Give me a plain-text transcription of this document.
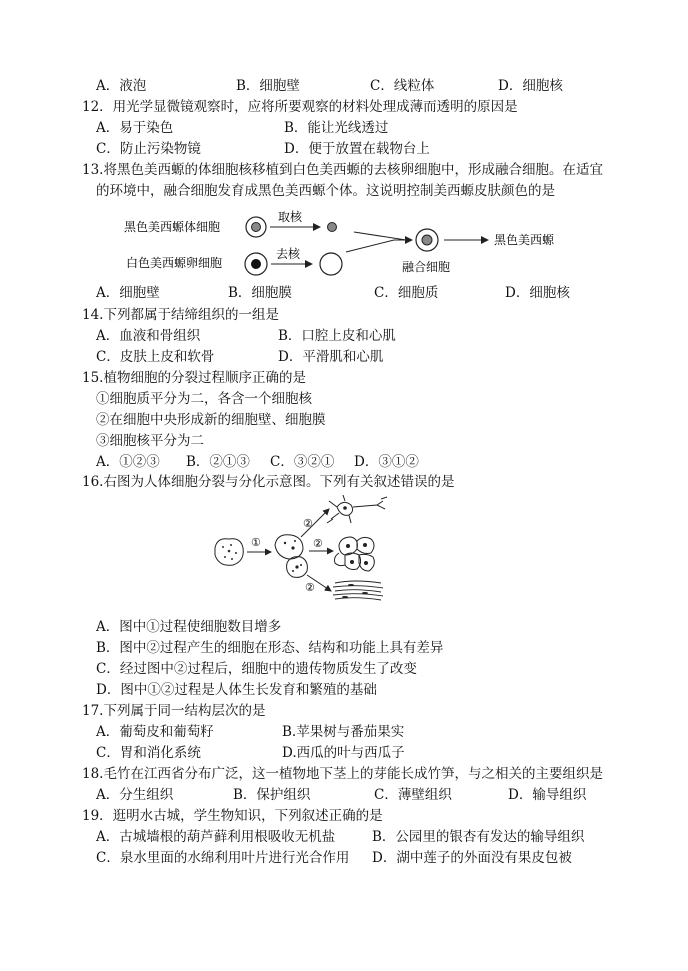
A．液泡	B．细胞壁	C．线粒体	D．细胞核
12．用光学显微镜观察时，应将所要观察的材料处理成薄而透明的原因是
A．易于染色	B．能让光线透过
C．防止污染物镜	D．便于放置在载物台上
13.将黑色美西螈的体细胞核移植到白色美西螈的去核卵细胞中，形成融合细胞。在适宜
的环境中，融合细胞发育成黑色美西螈个体。这说明控制美西螈皮肤颜色的是
黑色美西螈体细胞
取核
白色美西螈卵细胞
去核
融合细胞
黑色美西螈
A．细胞壁	B．细胞膜	C．细胞质	D．细胞核
14.下列都属于结缔组织的一组是
A．血液和骨组织	B．口腔上皮和心肌
C．皮肤上皮和软骨	D．平滑肌和心肌
15.植物细胞的分裂过程顺序正确的是
①细胞质平分为二，各含一个细胞核
②在细胞中央形成新的细胞壁、细胞膜
③细胞核平分为二
A．①②③ B．②①③ C．③②① D．③①②
16.右图为人体细胞分裂与分化示意图。下列有关叙述错误的是
①
②
②
②
A．图中①过程使细胞数目增多
B．图中②过程产生的细胞在形态、结构和功能上具有差异
C．经过图中②过程后，细胞中的遗传物质发生了改变
D．图中①②过程是人体生长发育和繁殖的基础
17.下列属于同一结构层次的是
A．葡萄皮和葡萄籽	B.苹果树与番茄果实
C．胃和消化系统	D.西瓜的叶与西瓜子
18.毛竹在江西省分布广泛，这一植物地下茎上的芽能长成竹笋，与之相关的主要组织是
A．分生组织	B．保护组织	C．薄壁组织	D．输导组织
19．逛明水古城，学生物知识，下列叙述正确的是
A．古城墙根的葫芦藓利用根吸收无机盐	B．公园里的银杏有发达的输导组织
C．泉水里面的水绵利用叶片进行光合作用 D．湖中莲子的外面没有果皮包被
